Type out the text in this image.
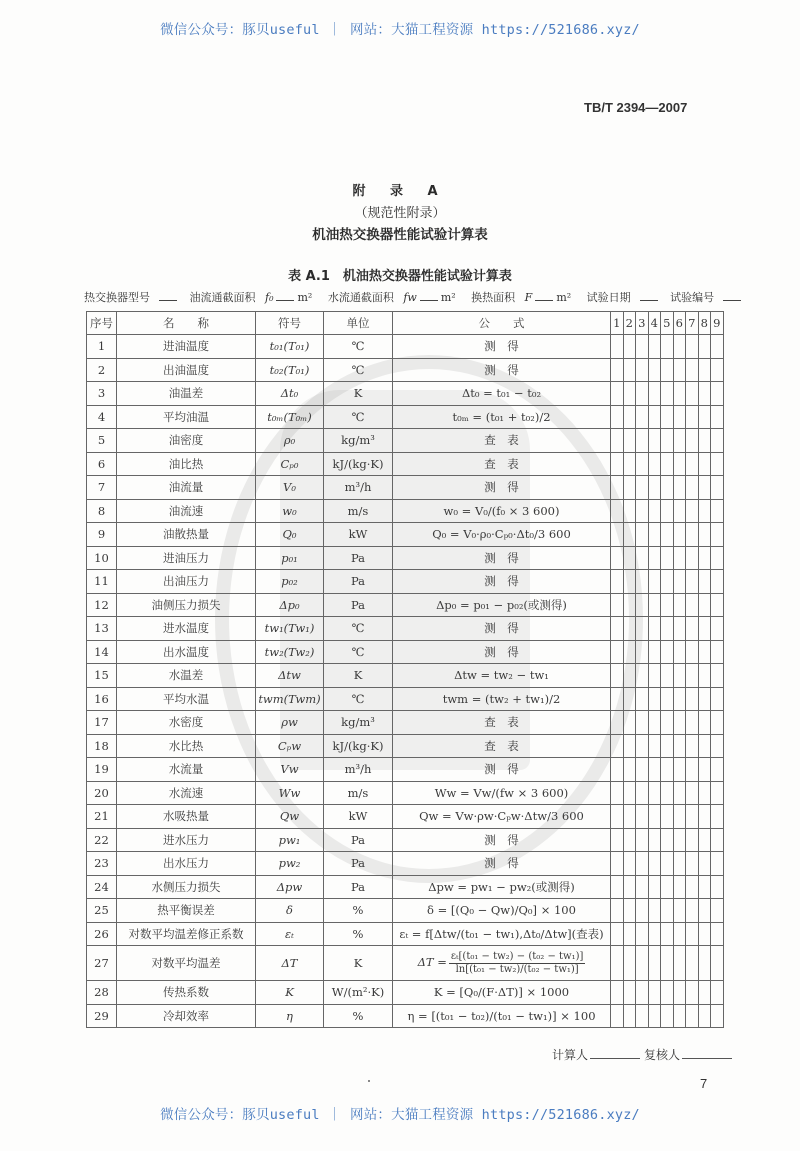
微信公众号：豚贝useful ｜ 网站：大猫工程资源 https://521686.xyz/
TB/T 2394—2007
附 录 A
（规范性附录）
机油热交换器性能试验计算表
表 A.1　机油热交换器性能试验计算表
热交换器型号	油流通截面积 f₀ m² 水流通截面积 fw m² 换热面积 F m² 试验日期	试验编号
序号	名　　称	符号	单位	公　　式	1	2	3	4	5	6	7	8	9
1	进油温度	t₀₁(T₀₁)	℃	测　得									
2	出油温度	t₀₂(T₀₁)	℃	测　得									
3	油温差	Δt₀	K	Δt₀ = t₀₁ − t₀₂									
4	平均油温	t₀ₘ(T₀ₘ)	℃	t₀ₘ = (t₀₁ + t₀₂)/2									
5	油密度	ρ₀	kg/m³	查　表									
6	油比热	Cₚ₀	kJ/(kg·K)	查　表									
7	油流量	V₀	m³/h	测　得									
8	油流速	w₀	m/s	w₀ = V₀/(f₀ × 3 600)									
9	油散热量	Q₀	kW	Q₀ = V₀·ρ₀·Cₚ₀·Δt₀/3 600									
10	进油压力	p₀₁	Pa	测　得									
11	出油压力	p₀₂	Pa	测　得									
12	油侧压力损失	Δp₀	Pa	Δp₀ = p₀₁ − p₀₂(或测得)									
13	进水温度	tw₁(Tw₁)	℃	测　得									
14	出水温度	tw₂(Tw₂)	℃	测　得									
15	水温差	Δtw	K	Δtw = tw₂ − tw₁									
16	平均水温	twm(Twm)	℃	twm = (tw₂ + tw₁)/2									
17	水密度	ρw	kg/m³	查　表									
18	水比热	Cₚw	kJ/(kg·K)	查　表									
19	水流量	Vw	m³/h	测　得									
20	水流速	Ww	m/s	Ww = Vw/(fw × 3 600)									
21	水吸热量	Qw	kW	Qw = Vw·ρw·Cₚw·Δtw/3 600									
22	进水压力	pw₁	Pa	测　得									
23	出水压力	pw₂	Pa	测　得									
24	水侧压力损失	Δpw	Pa	Δpw = pw₁ − pw₂(或测得)									
25	热平衡误差	δ	%	δ = [(Q₀ − Qw)/Q₀] × 100									
26	对数平均温差修正系数	εₜ	%	εₜ = f[Δtw/(t₀₁ − tw₁),Δt₀/Δtw](查表)									
27	对数平均温差	ΔT	K	$\Delta T = \frac{\text{εₜ[(t₀₁ − tw₂) − (t₀₂ − tw₁)]}}{\text{ln[(t₀₁ − tw₂)/(t₀₂ − tw₁)]}}$

28	传热系数	K	W/(m²·K)	K = [Q₀/(F·ΔT)] × 1000									
29	冷却效率	η	%	η = [(t₀₁ − t₀₂)/(t₀₁ − tw₁)] × 100									
计算人	复核人
7
微信公众号：豚贝useful ｜ 网站：大猫工程资源 https://521686.xyz/
